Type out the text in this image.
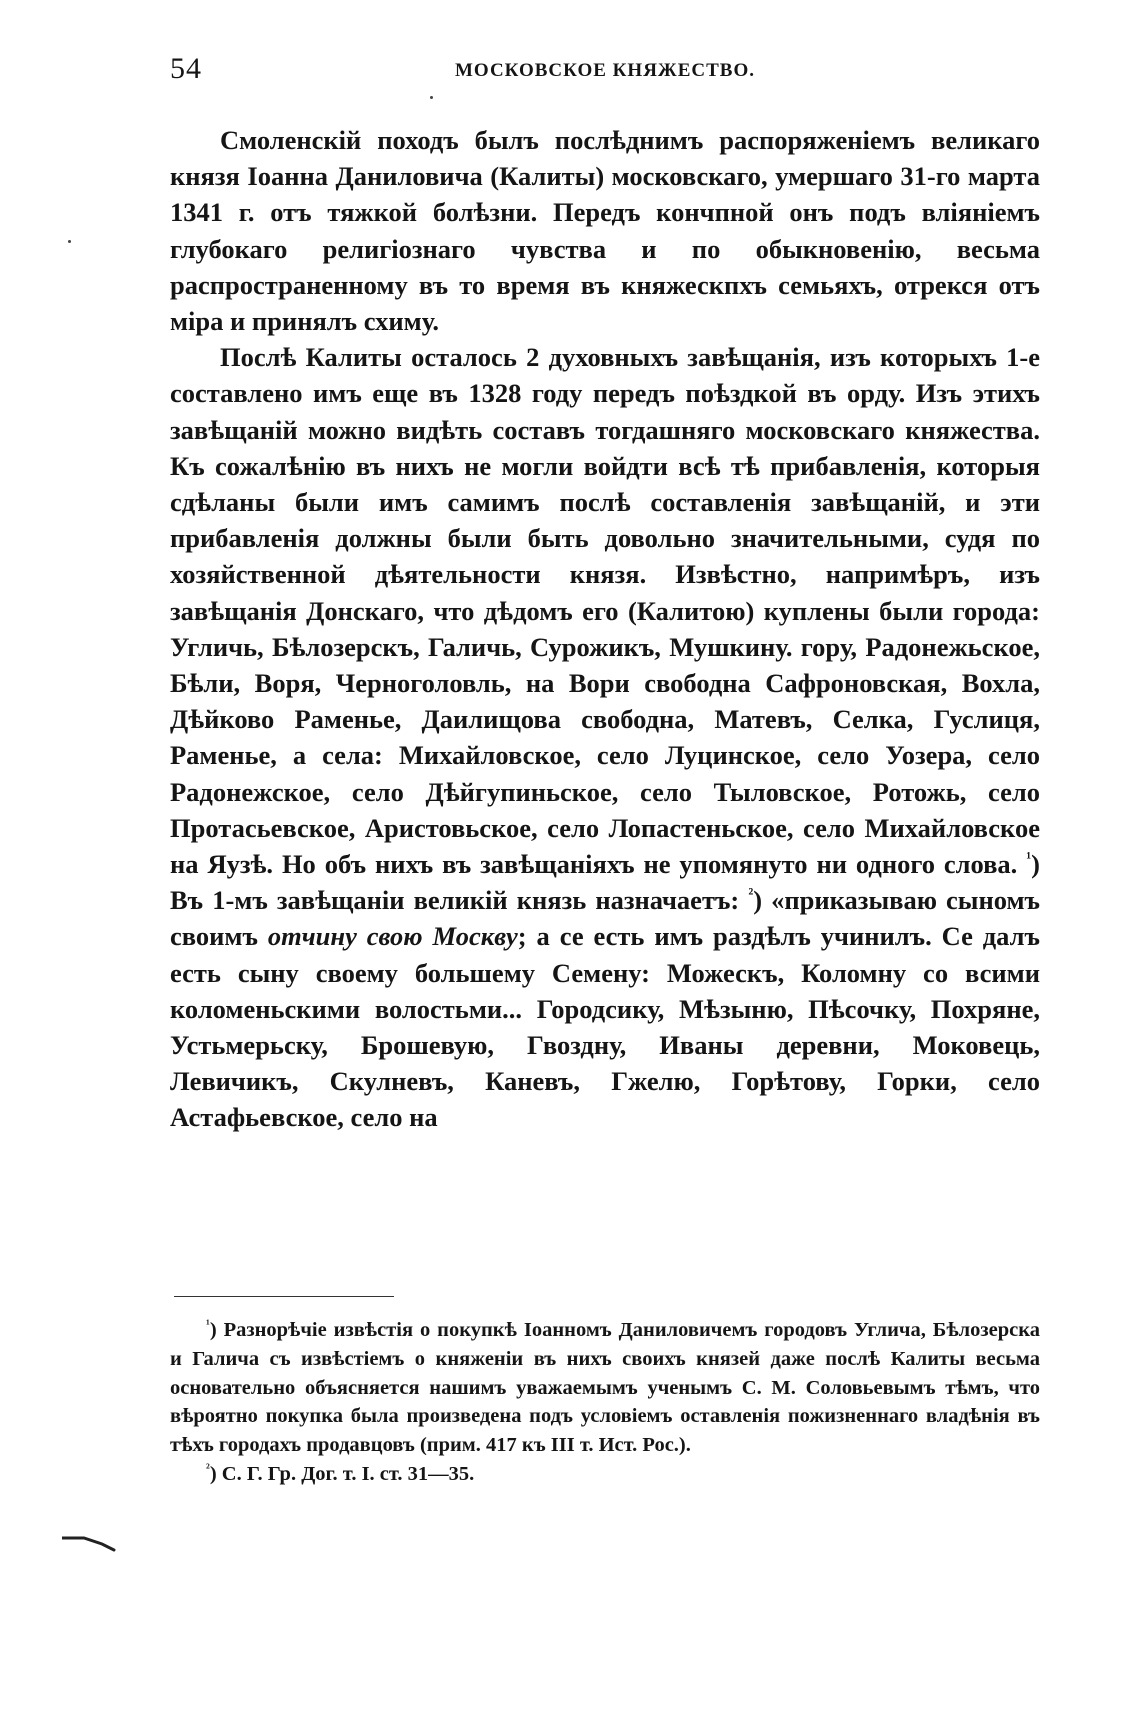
54	МОСКОВСКОЕ КНЯЖЕСТВО.

Смоленскій походъ былъ послѣднимъ распоряженіемъ великаго князя Іоанна Даниловича (Калиты) московскаго, умершаго 31-го марта 1341 г. отъ тяжкой болѣзни. Передъ кончпной онъ подъ вліяніемъ глубокаго религіознаго чувства и по обыкновенію, весьма распространенному въ то время въ княжескпхъ семьяхъ, отрекся отъ міра и принялъ схиму.

Послѣ Калиты осталось 2 духовныхъ завѣщанія, изъ которыхъ 1-е составлено имъ еще въ 1328 году передъ поѣздкой въ орду. Изъ этихъ завѣщаній можно видѣть составъ тогдашняго московскаго княжества. Къ сожалѣнію въ нихъ не могли войдти всѣ тѣ прибавленія, которыя сдѣланы были имъ самимъ послѣ составленія завѣщаній, и эти прибавленія должны были быть довольно значительными, судя по хозяйственной дѣятельности князя. Извѣстно, напримѣръ, изъ завѣщанія Донскаго, что дѣдомъ его (Калитою) куплены были города: Угличь, Бѣлозерскъ, Галичь, Сурожикъ, Мушкину. гору, Радонежьское, Бѣли, Воря, Черноголовль, на Вори свободна Сафроновская, Вохла, Дѣйково Раменье, Даилищова свободна, Матевъ, Селка, Гуслиця, Раменье, а села: Михайловское, село Луцинское, село Уозера, село Радонежское, село Дѣйгупиньское, село Тыловское, Ротожь, село Протасьевское, Аристовьское, село Лопастеньское, село Михайловское на Яузѣ. Но объ нихъ въ завѣщаніяхъ не упомянуто ни одного слова. $^{^1}$) Въ 1-мъ завѣщаніи великій князь назначаетъ: $^{^2}$) «приказываю сыномъ своимъ отчину свою Москву; а се есть имъ раздѣлъ учинилъ. Се далъ есть сыну своему большему Семену: Можескъ, Коломну со всими коломеньскими волостьми... Городсику, Мѣзыню, Пѣсочку, Похряне, Устьмерьску, Брошевую, Гвоздну, Иваны деревни, Моковець, Левичикъ, Скулневъ, Каневъ, Гжелю, Горѣтову, Горки, село Астафьевское, село на

$^{^1}$) Разнорѣчіе извѣстія о покупкѣ Іоанномъ Даниловичемъ городовъ Углича, Бѣлозерска и Галича съ извѣстіемъ о княженіи въ нихъ своихъ князей даже послѣ Калиты весьма основательно объясняется нашимъ уважаемымъ ученымъ С. М. Соловьевымъ тѣмъ, что вѣроятно покупка была произведена подъ условіемъ оставленія пожизненнаго владѣнія въ тѣхъ городахъ продавцовъ (прим. 417 къ III т. Ист. Рос.).

$^{^2}$) С. Г. Гр. Дог. т. I. ст. 31—35.
